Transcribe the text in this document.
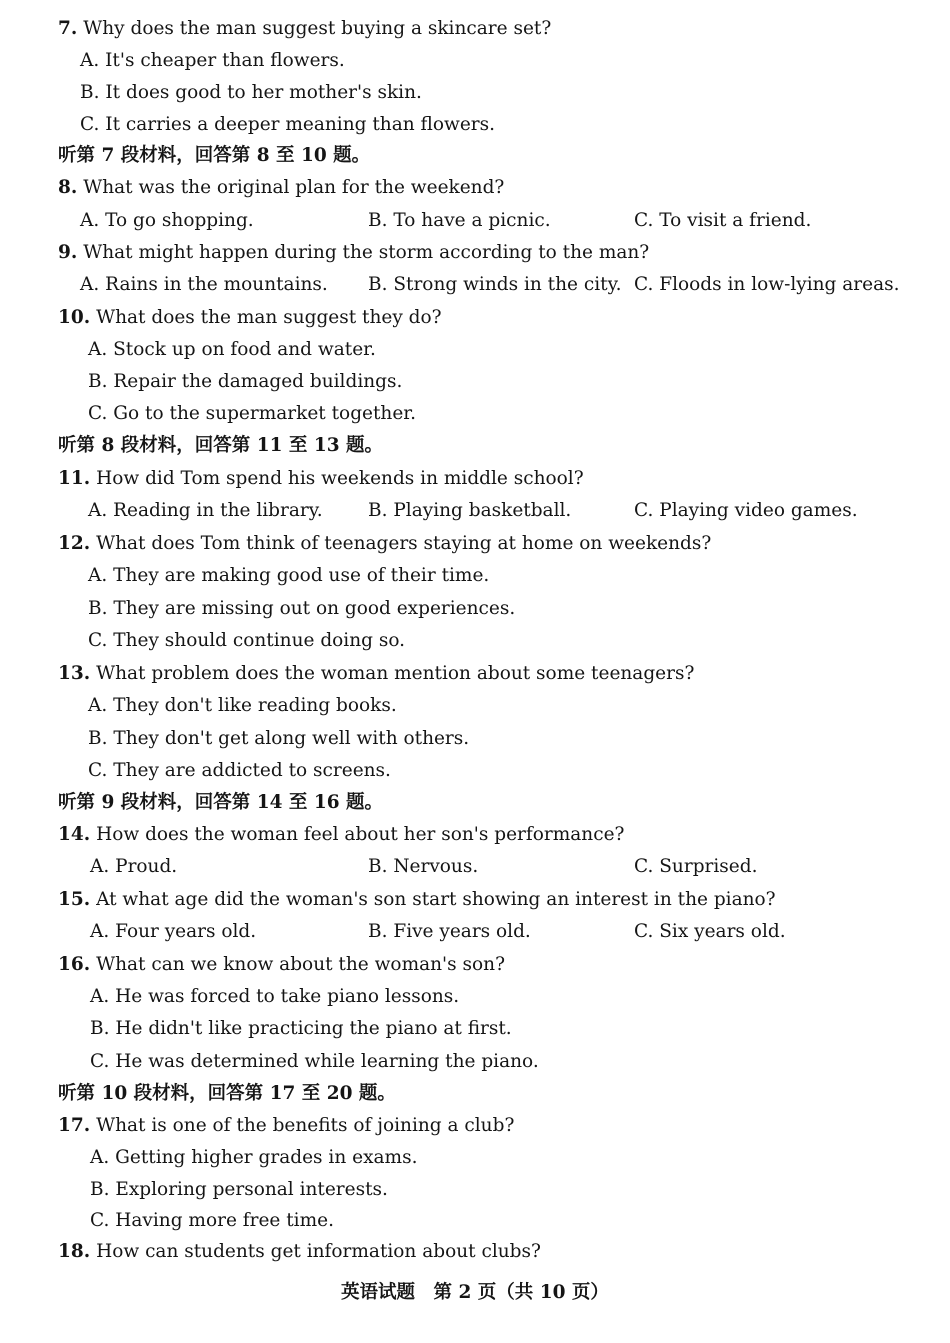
7. Why does the man suggest buying a skincare set?
A. It's cheaper than flowers.
B. It does good to her mother's skin.
C. It carries a deeper meaning than flowers.
听第 7 段材料，回答第 8 至 10 题。
8. What was the original plan for the weekend?
A. To go shopping.	B. To have a picnic.	C. To visit a friend.
9. What might happen during the storm according to the man?
A. Rains in the mountains. B. Strong winds in the city. C. Floods in low-lying areas.
10. What does the man suggest they do?
A. Stock up on food and water.
B. Repair the damaged buildings.
C. Go to the supermarket together.
听第 8 段材料，回答第 11 至 13 题。
11. How did Tom spend his weekends in middle school?
A. Reading in the library. B. Playing basketball.	C. Playing video games.
12. What does Tom think of teenagers staying at home on weekends?
A. They are making good use of their time.
B. They are missing out on good experiences.
C. They should continue doing so.
13. What problem does the woman mention about some teenagers?
A. They don't like reading books.
B. They don't get along well with others.
C. They are addicted to screens.
听第 9 段材料，回答第 14 至 16 题。
14. How does the woman feel about her son's performance?
A. Proud.	B. Nervous.	C. Surprised.
15. At what age did the woman's son start showing an interest in the piano?
A. Four years old.	B. Five years old.	C. Six years old.
16. What can we know about the woman's son?
A. He was forced to take piano lessons.
B. He didn't like practicing the piano at first.
C. He was determined while learning the piano.
听第 10 段材料，回答第 17 至 20 题。
17. What is one of the benefits of joining a club?
A. Getting higher grades in exams.
B. Exploring personal interests.
C. Having more free time.
18. How can students get information about clubs?
英语试题　第 2 页（共 10 页）
